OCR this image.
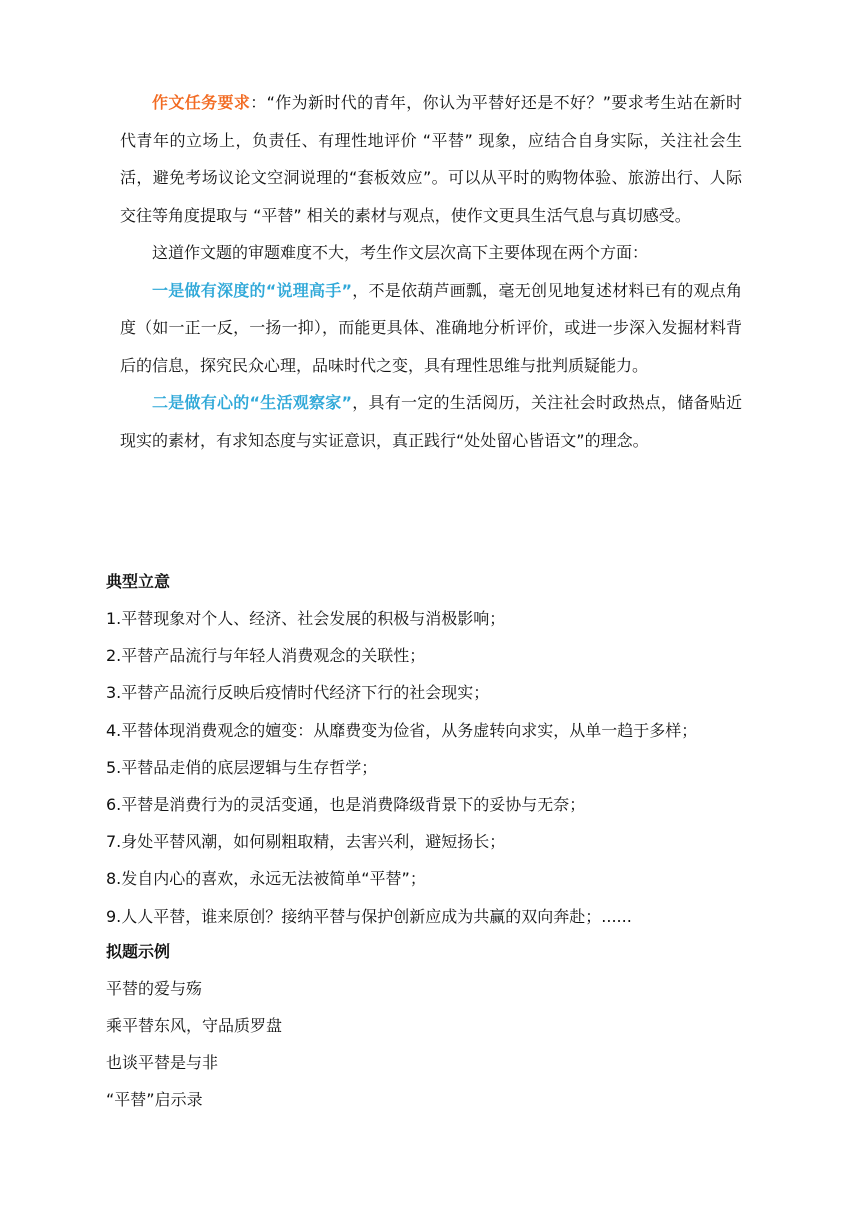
作文任务要求：“作为新时代的青年，你认为平替好还是不好？”要求考生站在新时代青年的立场上，负责任、有理性地评价 “平替” 现象，应结合自身实际，关注社会生活，避免考场议论文空洞说理的“套板效应”。可以从平时的购物体验、旅游出行、人际交往等角度提取与 “平替” 相关的素材与观点，使作文更具生活气息与真切感受。

这道作文题的审题难度不大，考生作文层次高下主要体现在两个方面：

一是做有深度的“说理高手”，不是依葫芦画瓢，毫无创见地复述材料已有的观点角度（如一正一反，一扬一抑），而能更具体、准确地分析评价，或进一步深入发掘材料背后的信息，探究民众心理，品味时代之变，具有理性思维与批判质疑能力。

二是做有心的“生活观察家”，具有一定的生活阅历，关注社会时政热点，储备贴近现实的素材，有求知态度与实证意识，真正践行“处处留心皆语文”的理念。

典型立意

1.平替现象对个人、经济、社会发展的积极与消极影响；

2.平替产品流行与年轻人消费观念的关联性；

3.平替产品流行反映后疫情时代经济下行的社会现实；

4.平替体现消费观念的嬗变：从靡费变为俭省，从务虚转向求实，从单一趋于多样；

5.平替品走俏的底层逻辑与生存哲学；

6.平替是消费行为的灵活变通，也是消费降级背景下的妥协与无奈；

7.身处平替风潮，如何剔粗取精，去害兴利，避短扬长；

8.发自内心的喜欢，永远无法被简单“平替”；

9.人人平替，谁来原创？接纳平替与保护创新应成为共赢的双向奔赴；......

拟题示例

平替的爱与殇

乘平替东风，守品质罗盘

也谈平替是与非

“平替”启示录
